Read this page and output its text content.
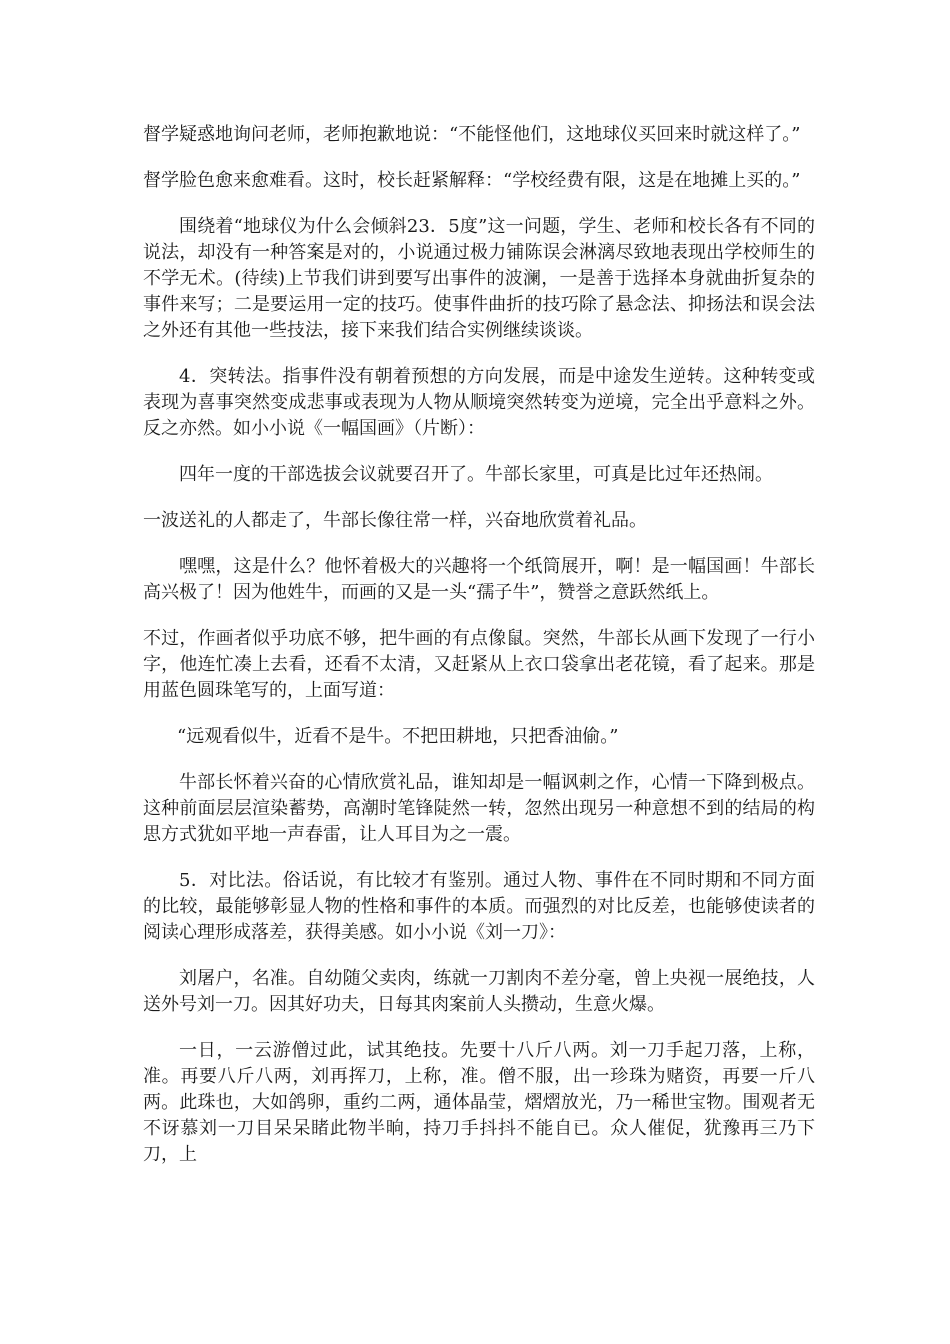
督学疑惑地询问老师，老师抱歉地说：“不能怪他们，这地球仪买回来时就这样了。”

督学脸色愈来愈难看。这时，校长赶紧解释：“学校经费有限，这是在地摊上买的。”

围绕着“地球仪为什么会倾斜23．5度”这一问题，学生、老师和校长各有不同的说法，却没有一种答案是对的，小说通过极力铺陈误会淋漓尽致地表现出学校师生的不学无术。(待续)上节我们讲到要写出事件的波澜，一是善于选择本身就曲折复杂的事件来写；二是要运用一定的技巧。使事件曲折的技巧除了悬念法、抑扬法和误会法之外还有其他一些技法，接下来我们结合实例继续谈谈。

4．突转法。指事件没有朝着预想的方向发展，而是中途发生逆转。这种转变或表现为喜事突然变成悲事或表现为人物从顺境突然转变为逆境，完全出乎意料之外。反之亦然。如小小说《一幅国画》（片断）：

四年一度的干部选拔会议就要召开了。牛部长家里，可真是比过年还热闹。

一波送礼的人都走了，牛部长像往常一样，兴奋地欣赏着礼品。

嘿嘿，这是什么？他怀着极大的兴趣将一个纸筒展开，啊！是一幅国画！牛部长高兴极了！因为他姓牛，而画的又是一头“孺子牛”，赞誉之意跃然纸上。

不过，作画者似乎功底不够，把牛画的有点像鼠。突然，牛部长从画下发现了一行小字，他连忙凑上去看，还看不太清，又赶紧从上衣口袋拿出老花镜，看了起来。那是用蓝色圆珠笔写的，上面写道：

“远观看似牛，近看不是牛。不把田耕地，只把香油偷。”

牛部长怀着兴奋的心情欣赏礼品，谁知却是一幅讽刺之作，心情一下降到极点。这种前面层层渲染蓄势，高潮时笔锋陡然一转，忽然出现另一种意想不到的结局的构思方式犹如平地一声春雷，让人耳目为之一震。

5．对比法。俗话说，有比较才有鉴别。通过人物、事件在不同时期和不同方面的比较，最能够彰显人物的性格和事件的本质。而强烈的对比反差，也能够使读者的阅读心理形成落差，获得美感。如小小说《刘一刀》：

刘屠户，名准。自幼随父卖肉，练就一刀割肉不差分毫，曾上央视一展绝技，人送外号刘一刀。因其好功夫，日每其肉案前人头攒动，生意火爆。

一日，一云游僧过此，试其绝技。先要十八斤八两。刘一刀手起刀落，上称，准。再要八斤八两，刘再挥刀，上称，准。僧不服，出一珍珠为赌资，再要一斤八两。此珠也，大如鸽卵，重约二两，通体晶莹，熠熠放光，乃一稀世宝物。围观者无不讶慕刘一刀目呆呆睹此物半晌，持刀手抖抖不能自已。众人催促，犹豫再三乃下刀，上
